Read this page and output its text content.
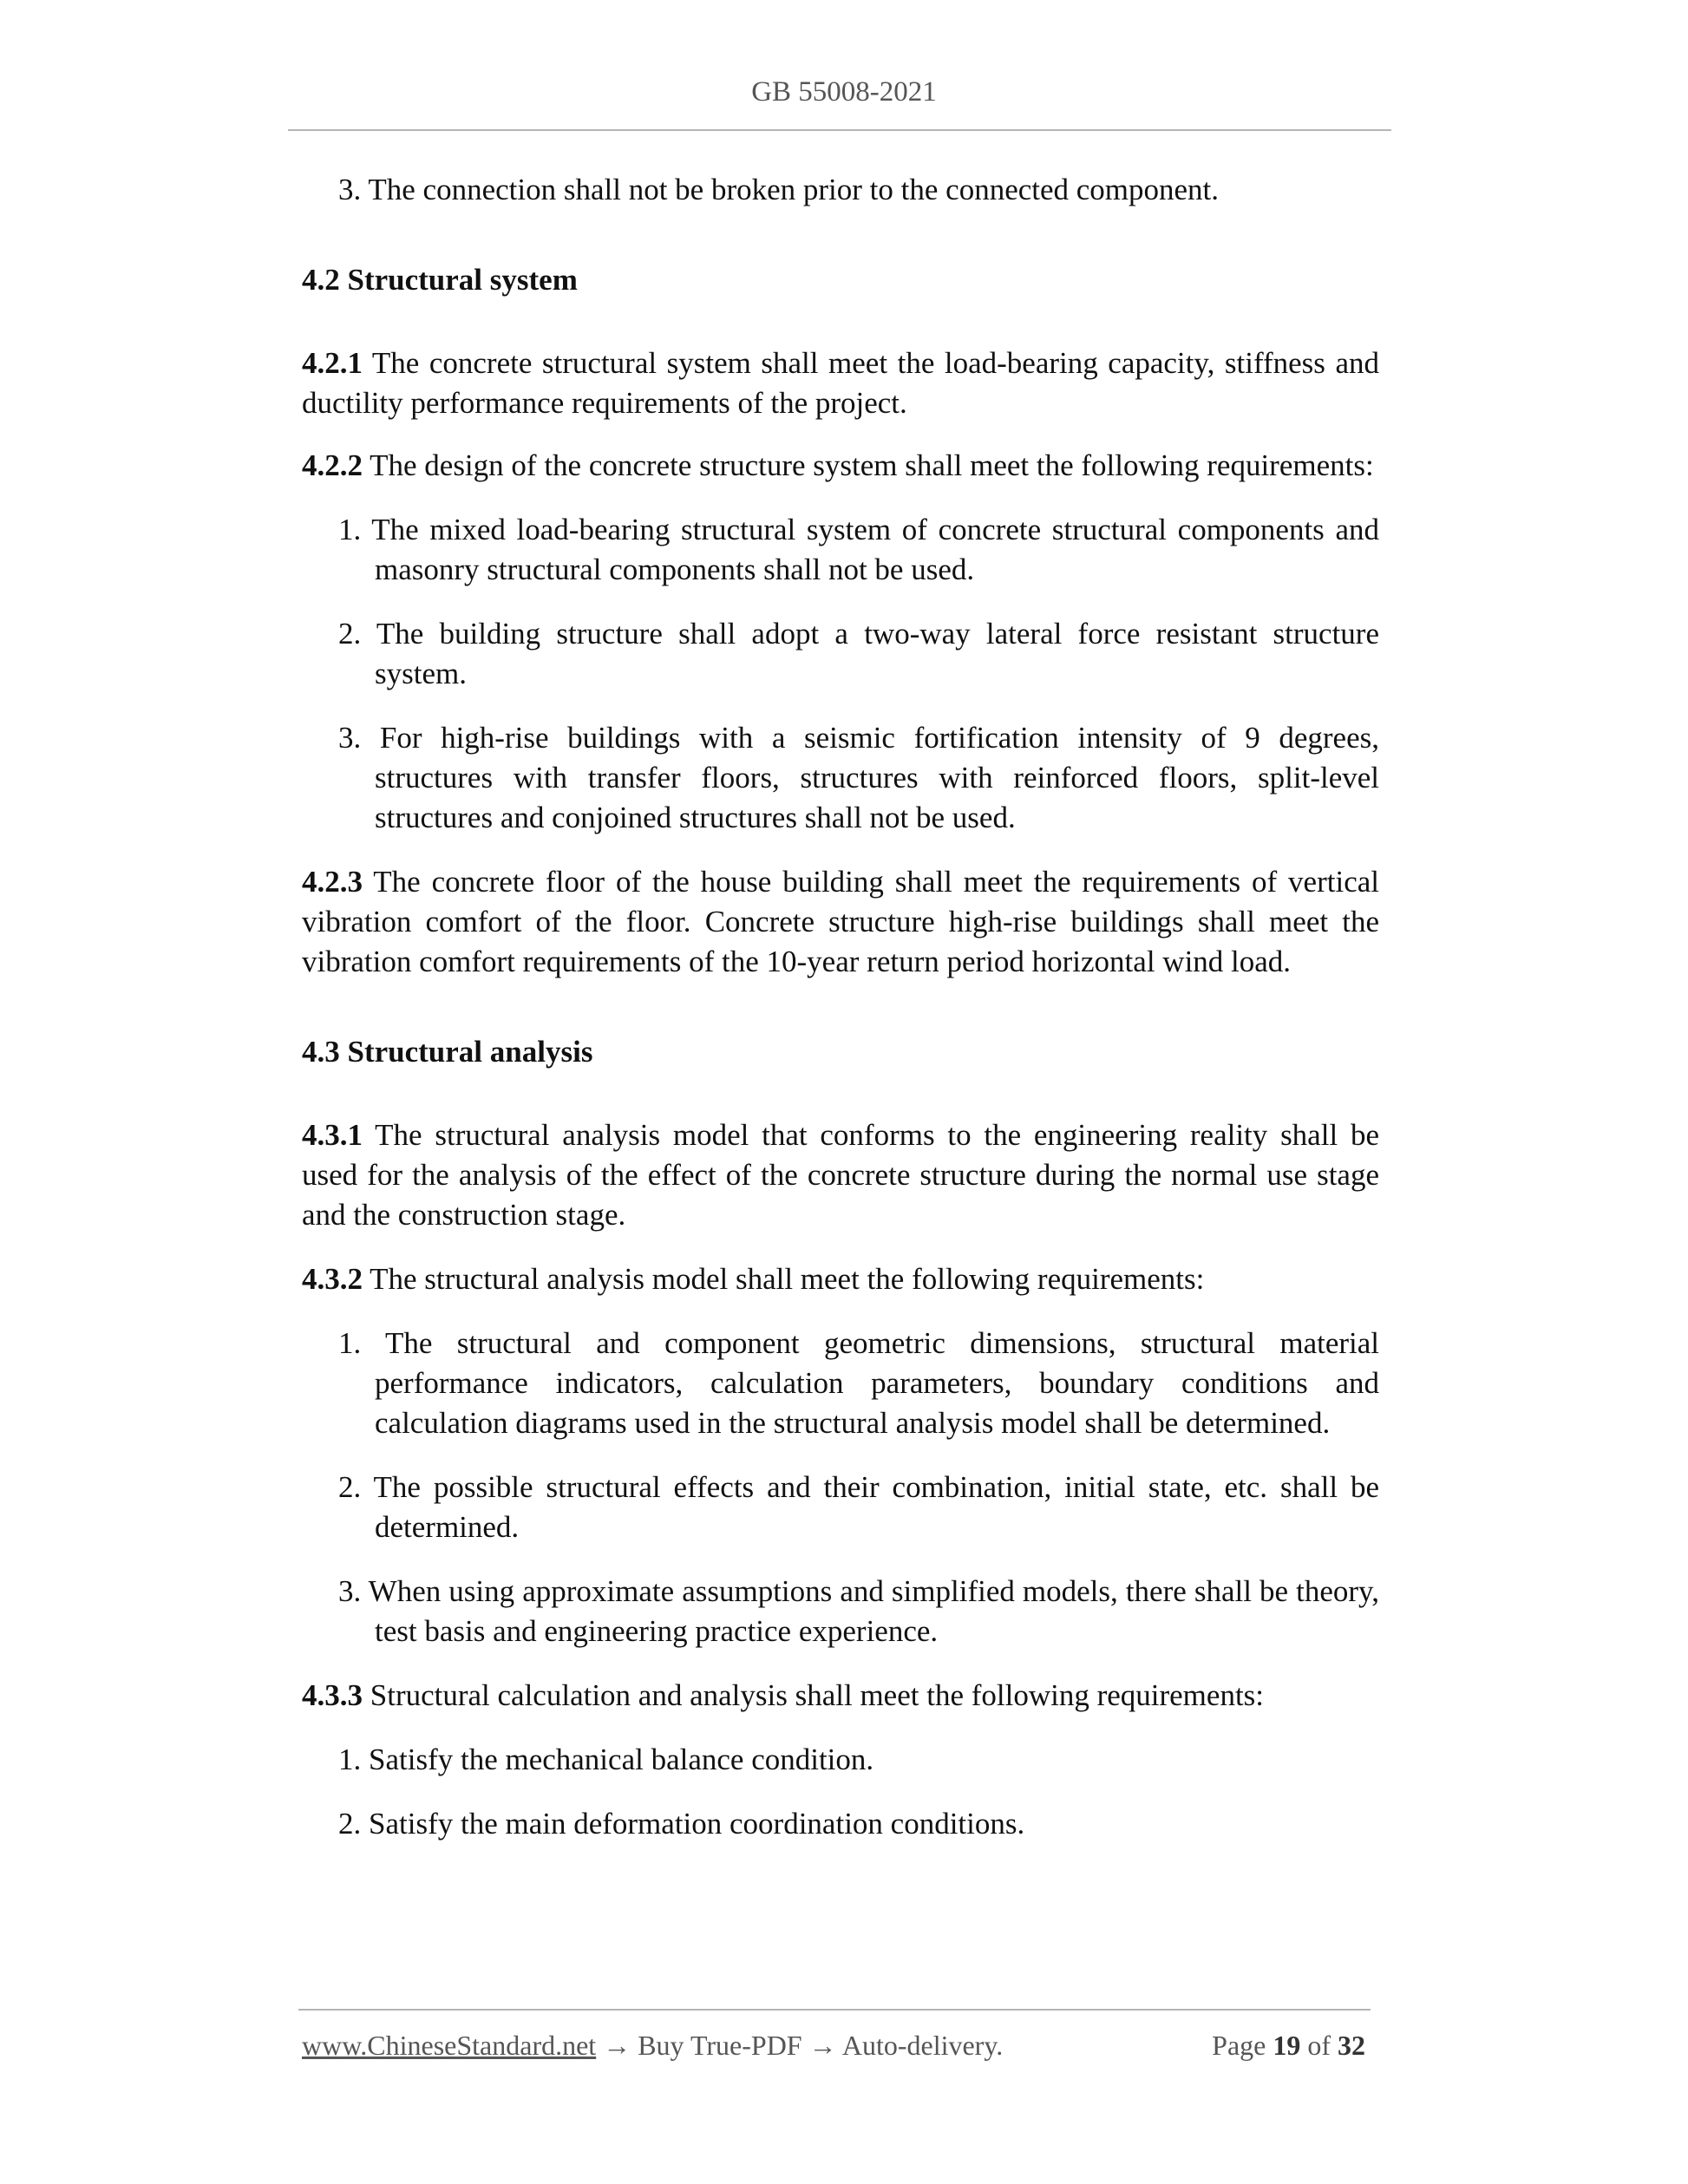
GB 55008-2021

3. The connection shall not be broken prior to the connected component.

4.2 Structural system

4.2.1 The concrete structural system shall meet the load-bearing capacity, stiffness and ductility performance requirements of the project.

4.2.2 The design of the concrete structure system shall meet the following requirements:

1. The mixed load-bearing structural system of concrete structural components and masonry structural components shall not be used.

2. The building structure shall adopt a two-way lateral force resistant structure system.

3. For high-rise buildings with a seismic fortification intensity of 9 degrees, structures with transfer floors, structures with reinforced floors, split-level structures and conjoined structures shall not be used.

4.2.3 The concrete floor of the house building shall meet the requirements of vertical vibration comfort of the floor. Concrete structure high-rise buildings shall meet the vibration comfort requirements of the 10-year return period horizontal wind load.

4.3 Structural analysis

4.3.1 The structural analysis model that conforms to the engineering reality shall be used for the analysis of the effect of the concrete structure during the normal use stage and the construction stage.

4.3.2 The structural analysis model shall meet the following requirements:

1. The structural and component geometric dimensions, structural material performance indicators, calculation parameters, boundary conditions and calculation diagrams used in the structural analysis model shall be determined.

2. The possible structural effects and their combination, initial state, etc. shall be determined.

3. When using approximate assumptions and simplified models, there shall be theory, test basis and engineering practice experience.

4.3.3 Structural calculation and analysis shall meet the following requirements:

1. Satisfy the mechanical balance condition.

2. Satisfy the main deformation coordination conditions.

www.ChineseStandard.net → Buy True-PDF → Auto-delivery.	Page 19 of 32
